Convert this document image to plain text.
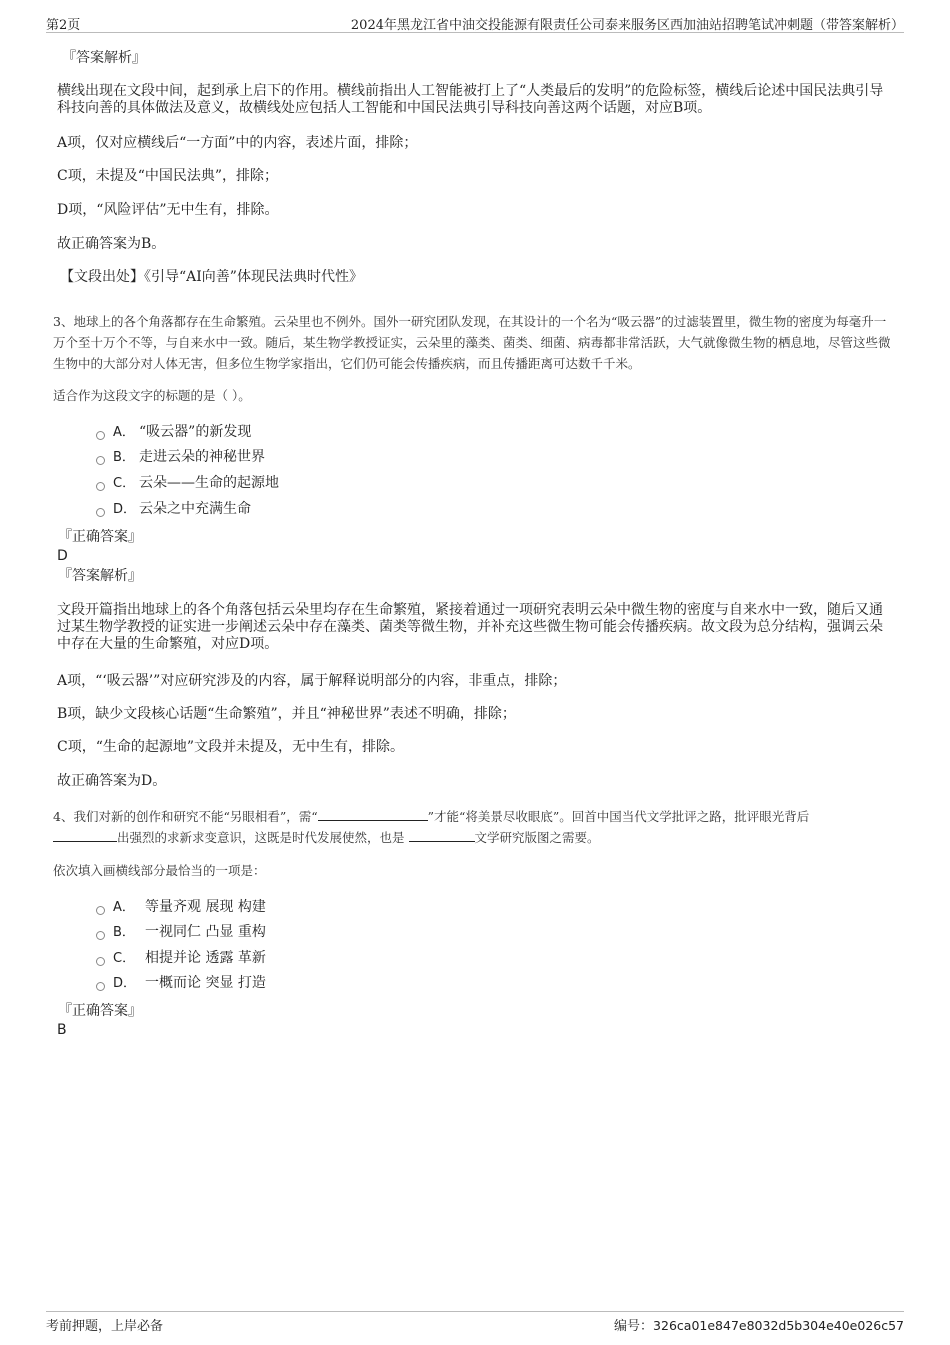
第2页	2024年黑龙江省中油交投能源有限责任公司泰来服务区西加油站招聘笔试冲刺题（带答案解析）
『答案解析』
横线出现在文段中间，起到承上启下的作用。横线前指出人工智能被打上了“人类最后的发明”的危险标签，横线后论述中国民法典引导科技向善的具体做法及意义，故横线处应包括人工智能和中国民法典引导科技向善这两个话题，对应B项。
A项，仅对应横线后“一方面”中的内容，表述片面，排除；
C项，未提及“中国民法典”，排除；
D项，“风险评估”无中生有，排除。
故正确答案为B。
【文段出处】《引导“AI向善”体现民法典时代性》
3、地球上的各个角落都存在生命繁殖。云朵里也不例外。国外一研究团队发现，在其设计的一个名为“吸云器”的过滤装置里，微生物的密度为每毫升一万个至十万个不等，与自来水中一致。随后，某生物学教授证实，云朵里的藻类、菌类、细菌、病毒都非常活跃，大气就像微生物的栖息地，尽管这些微生物中的大部分对人体无害，但多位生物学家指出，它们仍可能会传播疾病，而且传播距离可达数千千米。
适合作为这段文字的标题的是（ ）。
A． “吸云器”的新发现
B． 走进云朵的神秘世界
C． 云朵——生命的起源地
D． 云朵之中充满生命
『正确答案』
D
『答案解析』
文段开篇指出地球上的各个角落包括云朵里均存在生命繁殖，紧接着通过一项研究表明云朵中微生物的密度与自来水中一致，随后又通过某生物学教授的证实进一步阐述云朵中存在藻类、菌类等微生物，并补充这些微生物可能会传播疾病。故文段为总分结构，强调云朵中存在大量的生命繁殖，对应D项。
A项，“‘吸云器’”对应研究涉及的内容，属于解释说明部分的内容，非重点，排除；
B项，缺少文段核心话题“生命繁殖”，并且“神秘世界”表述不明确，排除；
C项，“生命的起源地”文段并未提及，无中生有，排除。
故正确答案为D。
4、我们对新的创作和研究不能“另眼相看”，需“	”才能“将美景尽收眼底”。回首中国当代文学批评之路，批评眼光背后
出强烈的求新求变意识，这既是时代发展使然，也是	文学研究版图之需要。
依次填入画横线部分最恰当的一项是：
A． 等量齐观 展现 构建
B． 一视同仁 凸显 重构
C． 相提并论 透露 革新
D． 一概而论 突显 打造
『正确答案』
B
考前押题，上岸必备	编号：326ca01e847e8032d5b304e40e026c57
